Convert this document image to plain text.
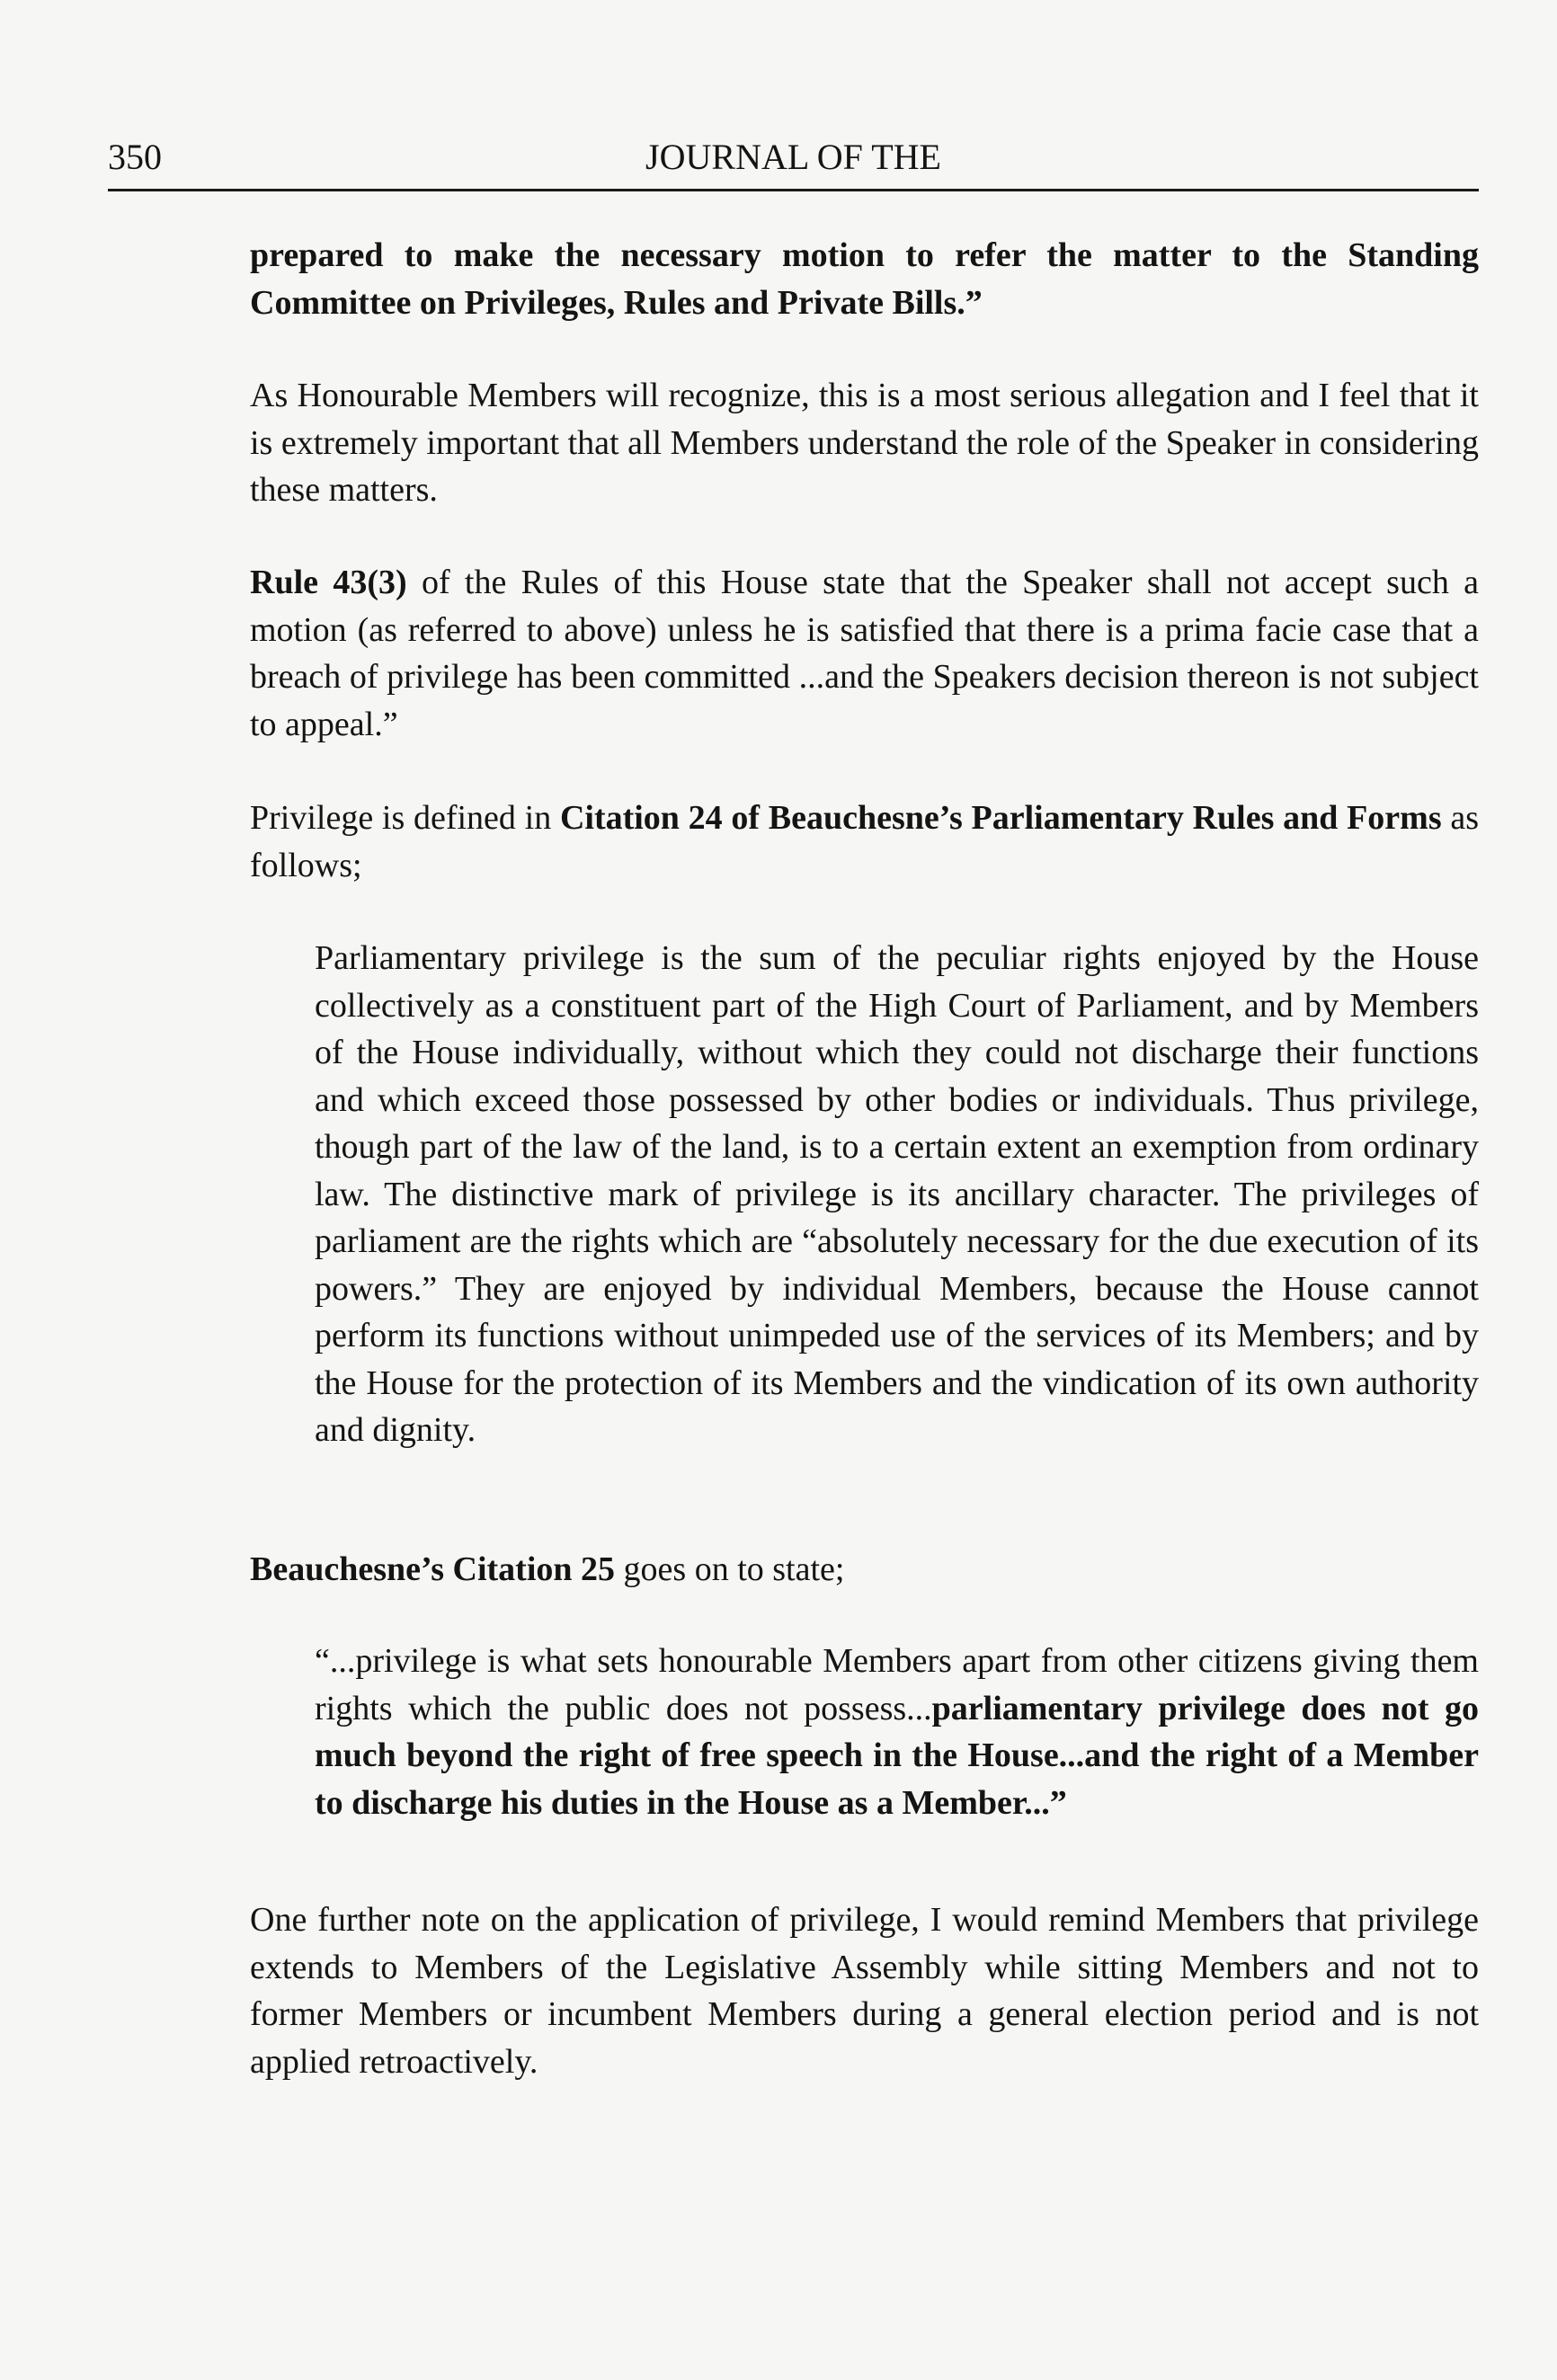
350	JOURNAL OF THE

prepared to make the necessary motion to refer the matter to the Standing Committee on Privileges, Rules and Private Bills.”

As Honourable Members will recognize, this is a most serious allegation and I feel that it is extremely important that all Members understand the role of the Speaker in considering these matters.

Rule 43(3) of the Rules of this House state that the Speaker shall not accept such a motion (as referred to above) unless he is satisfied that there is a prima facie case that a breach of privilege has been committed ...and the Speakers decision thereon is not subject to appeal.”

Privilege is defined in Citation 24 of Beauchesne’s Parliamentary Rules and Forms as follows;

Parliamentary privilege is the sum of the peculiar rights enjoyed by the House collectively as a constituent part of the High Court of Parliament, and by Members of the House individually, without which they could not discharge their functions and which exceed those possessed by other bodies or individuals. Thus privilege, though part of the law of the land, is to a certain extent an exemption from ordinary law. The distinctive mark of privilege is its ancillary character. The privileges of parliament are the rights which are “absolutely necessary for the due execution of its powers.” They are enjoyed by individual Members, because the House cannot perform its functions without unimpeded use of the services of its Members; and by the House for the protection of its Members and the vindication of its own authority and dignity.

Beauchesne’s Citation 25 goes on to state;

“...privilege is what sets honourable Members apart from other citizens giving them rights which the public does not possess...parliamentary privilege does not go much beyond the right of free speech in the House...and the right of a Member to discharge his duties in the House as a Member...”

One further note on the application of privilege, I would remind Members that privilege extends to Members of the Legislative Assembly while sitting Members and not to former Members or incumbent Members during a general election period and is not applied retroactively.
